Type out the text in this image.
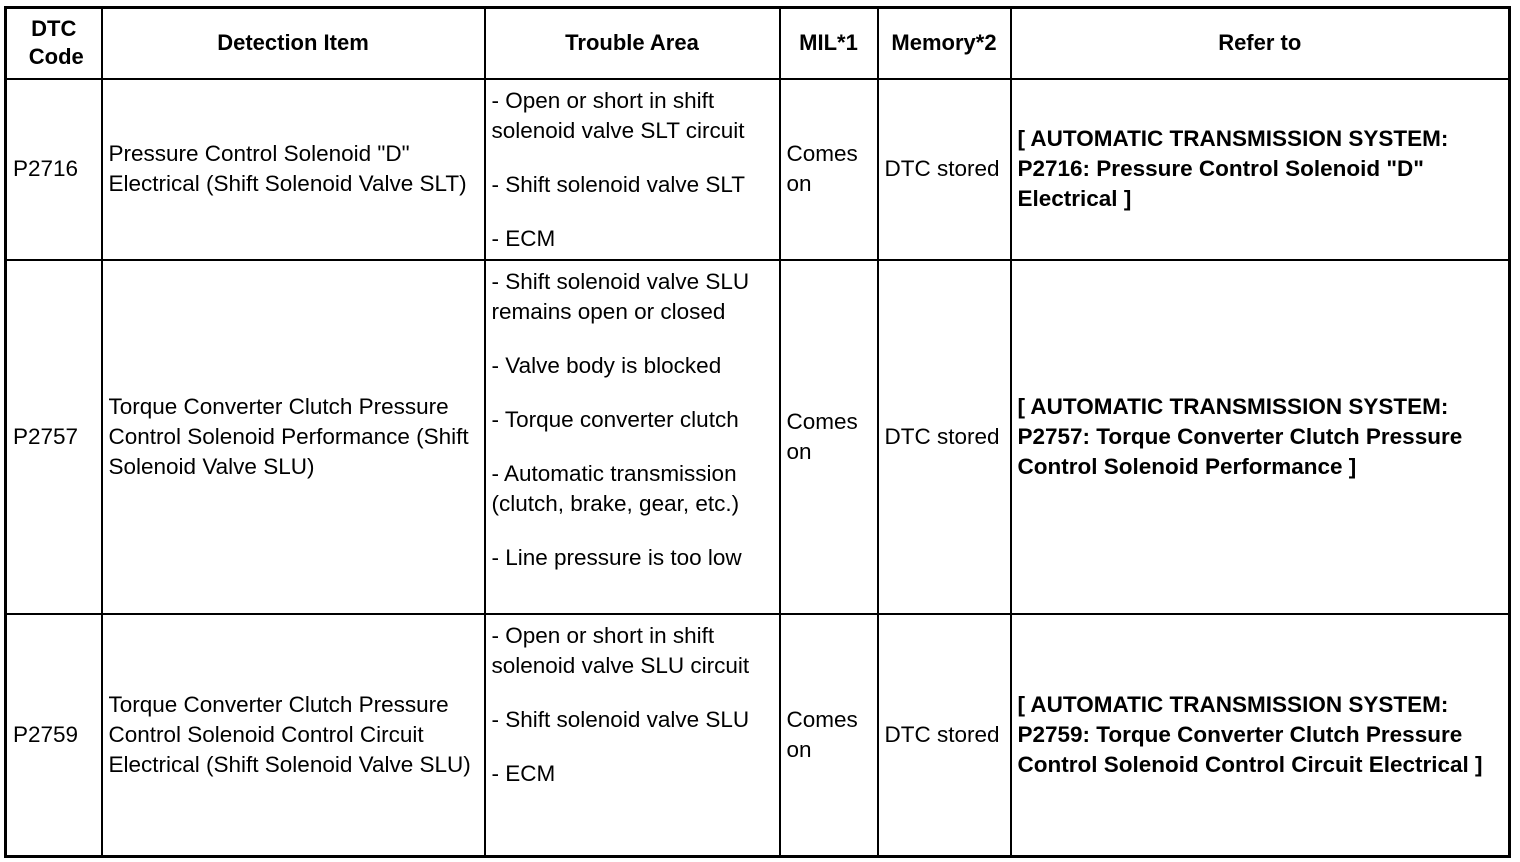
DTC Code	Detection Item	Trouble Area	MIL*1	Memory*2	Refer to
P2716	Pressure Control Solenoid "D" Electrical (Shift Solenoid Valve SLT)	- Open or short in shift solenoid valve SLT circuit

- Shift solenoid valve SLT

- ECM	Comes on	DTC stored	[ AUTOMATIC TRANSMISSION SYSTEM: P2716: Pressure Control Solenoid "D" Electrical ]
P2757	Torque Converter Clutch Pressure Control Solenoid Performance (Shift Solenoid Valve SLU)	- Shift solenoid valve SLU remains open or closed

- Valve body is blocked

- Torque converter clutch

- Automatic transmission (clutch, brake, gear, etc.)

- Line pressure is too low	Comes on	DTC stored	[ AUTOMATIC TRANSMISSION SYSTEM: P2757: Torque Converter Clutch Pressure Control Solenoid Performance ]
P2759	Torque Converter Clutch Pressure Control Solenoid Control Circuit Electrical (Shift Solenoid Valve SLU)	- Open or short in shift solenoid valve SLU circuit

- Shift solenoid valve SLU

- ECM	Comes on	DTC stored	[ AUTOMATIC TRANSMISSION SYSTEM: P2759: Torque Converter Clutch Pressure Control Solenoid Control Circuit Electrical ]
